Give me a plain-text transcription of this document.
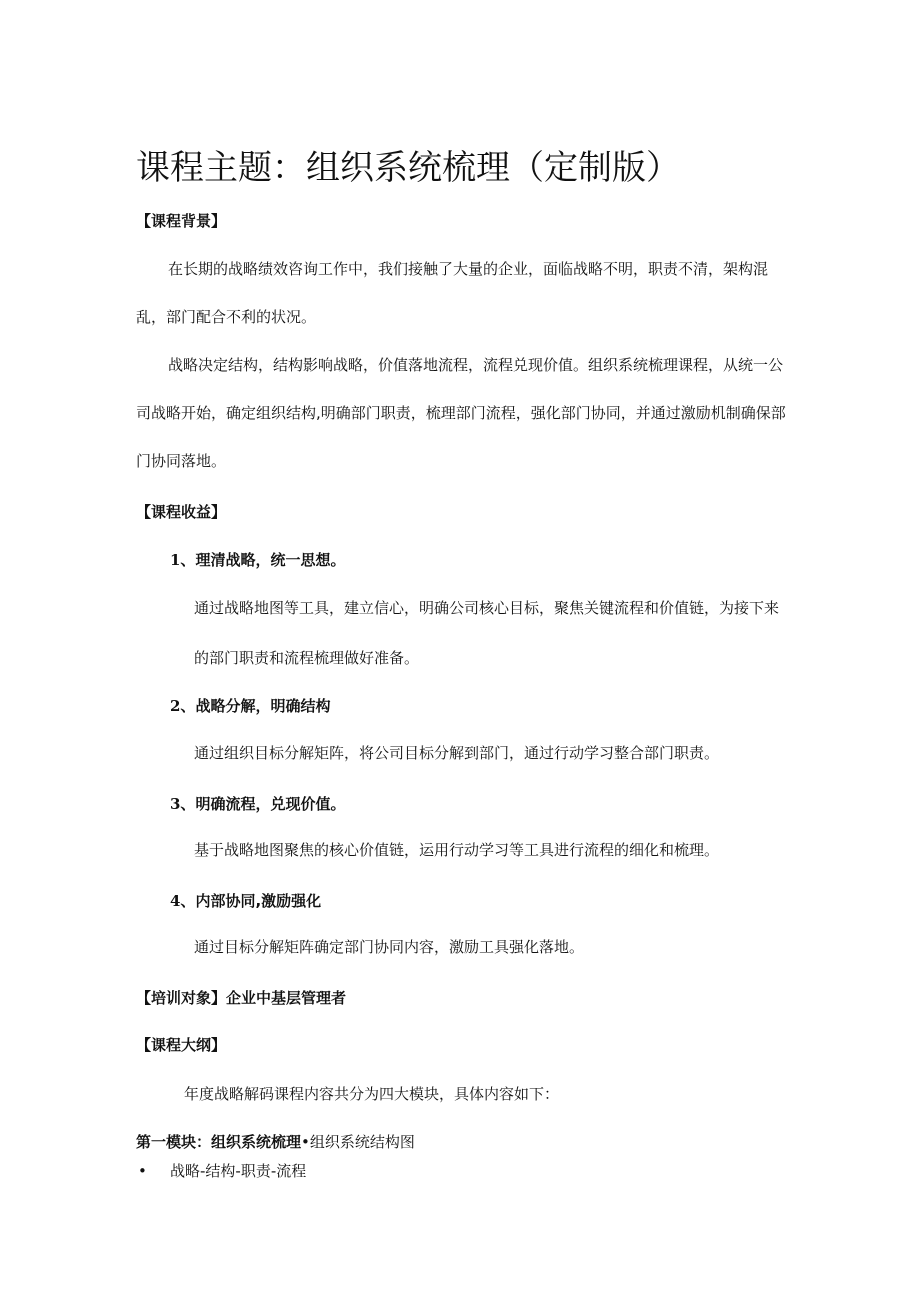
课程主题：组织系统梳理（定制版）
【课程背景】
在长期的战略绩效咨询工作中，我们接触了大量的企业，面临战略不明，职责不清，架构混乱，部门配合不利的状况。
战略决定结构，结构影响战略，价值落地流程，流程兑现价值。组织系统梳理课程，从统一公司战略开始，确定组织结构,明确部门职责，梳理部门流程，强化部门协同，并通过激励机制确保部门协同落地。
【课程收益】
1、理清战略，统一思想。
通过战略地图等工具，建立信心，明确公司核心目标，聚焦关键流程和价值链，为接下来的部门职责和流程梳理做好准备。
2、战略分解，明确结构
通过组织目标分解矩阵，将公司目标分解到部门，通过行动学习整合部门职责。
3、明确流程，兑现价值。
基于战略地图聚焦的核心价值链，运用行动学习等工具进行流程的细化和梳理。
4、内部协同,激励强化
通过目标分解矩阵确定部门协同内容，激励工具强化落地。
【培训对象】企业中基层管理者
【课程大纲】
年度战略解码课程内容共分为四大模块，具体内容如下：
第一模块：组织系统梳理•组织系统结构图
• 战略-结构-职责-流程
